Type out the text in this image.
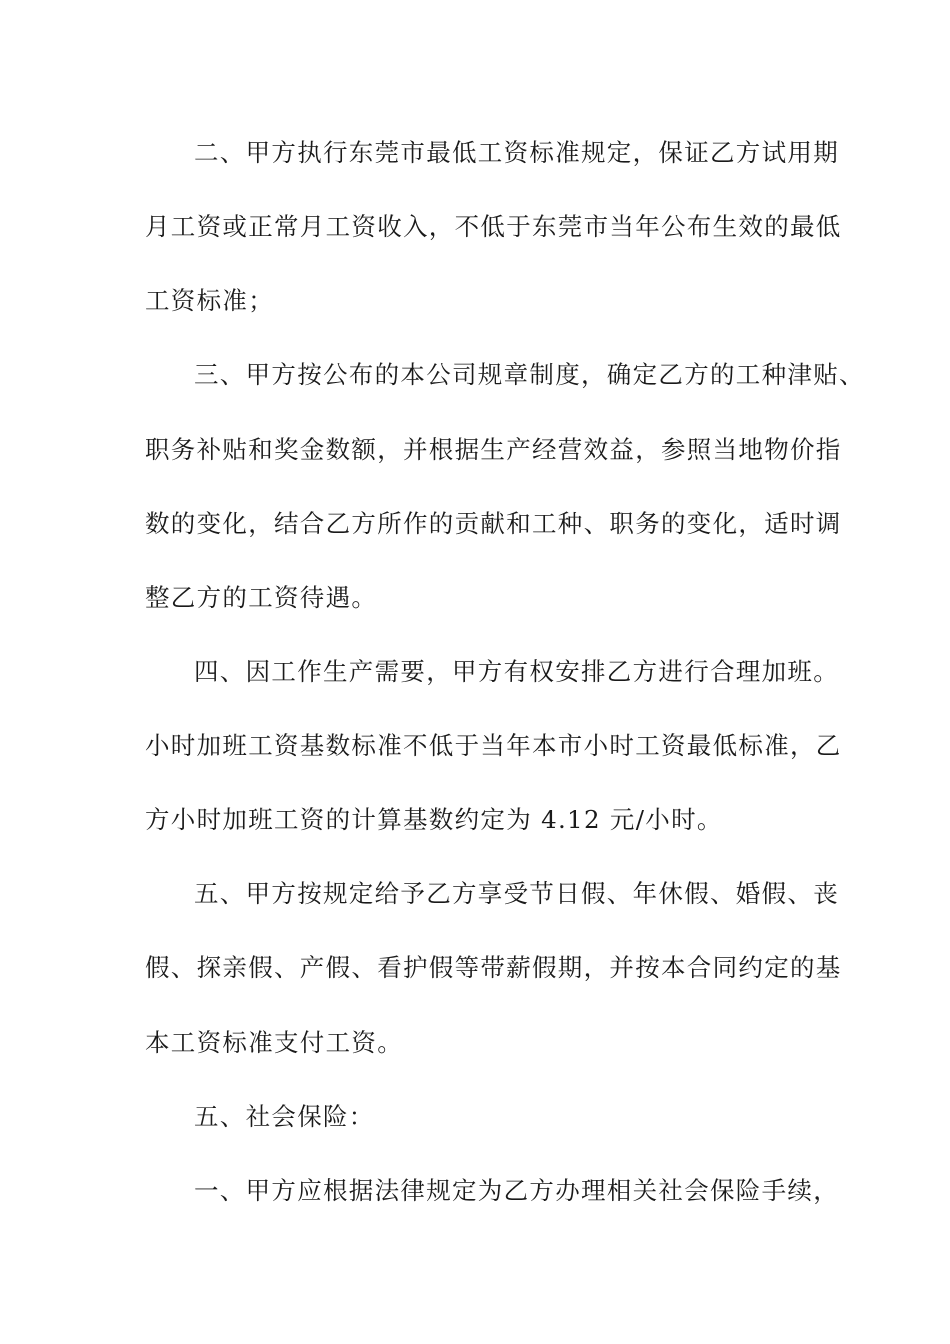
二、甲方执行东莞市最低工资标准规定，保证乙方试用期
月工资或正常月工资收入，不低于东莞市当年公布生效的最低
工资标准；
三、甲方按公布的本公司规章制度，确定乙方的工种津贴、
职务补贴和奖金数额，并根据生产经营效益，参照当地物价指
数的变化，结合乙方所作的贡献和工种、职务的变化，适时调
整乙方的工资待遇。
四、因工作生产需要，甲方有权安排乙方进行合理加班。
小时加班工资基数标准不低于当年本市小时工资最低标准，乙
方小时加班工资的计算基数约定为 4.12 元/小时。
五、甲方按规定给予乙方享受节日假、年休假、婚假、丧
假、探亲假、产假、看护假等带薪假期，并按本合同约定的基
本工资标准支付工资。
五、社会保险：
一、甲方应根据法律规定为乙方办理相关社会保险手续，
